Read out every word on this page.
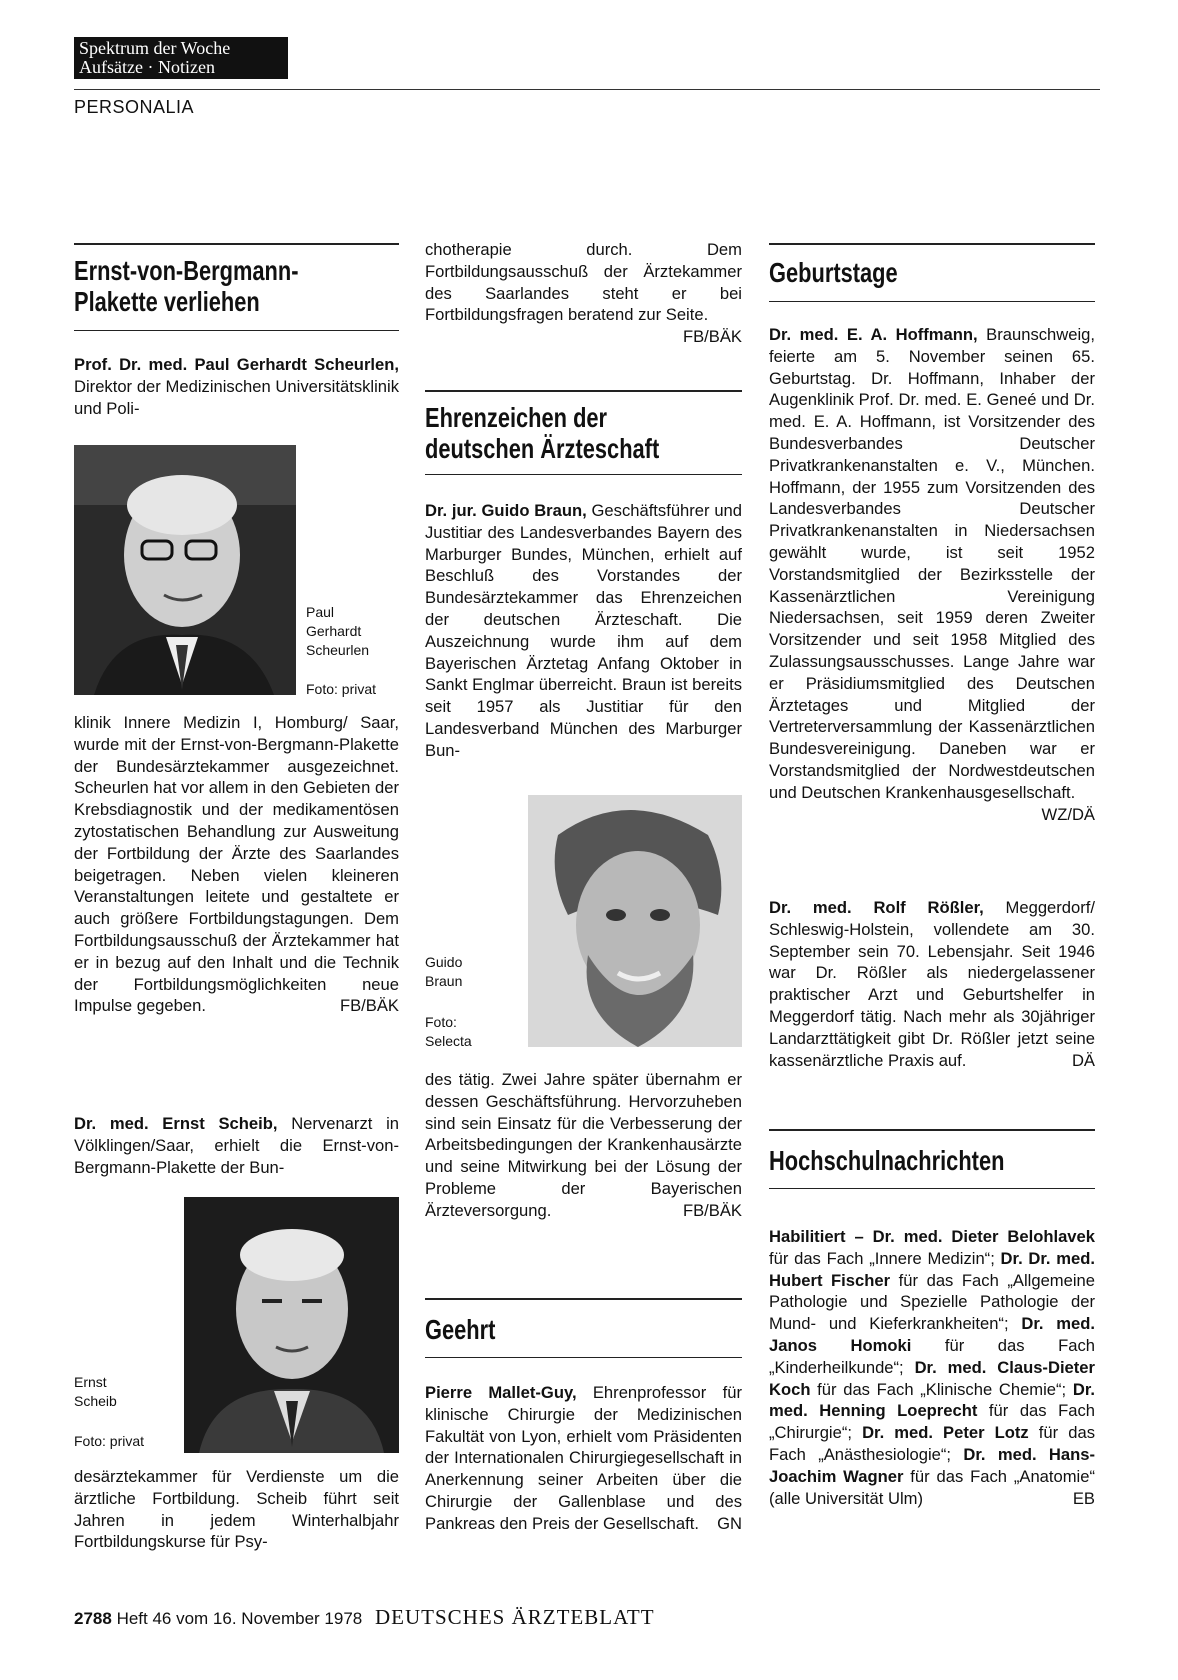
Spektrum der Woche
Aufsätze · Notizen
PERSONALIA
Ernst-von-Bergmann-
Plakette verliehen

Prof. Dr. med. Paul Gerhardt Scheurlen, Direktor der Medizinischen Universitätsklinik und Poli-

Paul
Gerhardt
Scheurlen
Foto: privat

klinik Innere Medizin I, Homburg/ Saar, wurde mit der Ernst-von-Bergmann-Plakette der Bundesärztekammer ausgezeichnet. Scheurlen hat vor allem in den Gebieten der Krebsdiagnostik und der medikamentösen zytostatischen Behandlung zur Ausweitung der Fortbildung der Ärzte des Saarlandes beigetragen. Neben vielen kleineren Veranstaltungen leitete und gestaltete er auch größere Fortbildungstagungen. Dem Fortbildungsausschuß der Ärztekammer hat er in bezug auf den Inhalt und die Technik der Fortbildungsmöglichkeiten neue Impulse gegeben.	FB/BÄK

Dr. med. Ernst Scheib, Nervenarzt in Völklingen/Saar, erhielt die Ernst-von-Bergmann-Plakette der Bun-

Ernst
Scheib
Foto: privat

desärztekammer für Verdienste um die ärztliche Fortbildung. Scheib führt seit Jahren in jedem Winterhalbjahr Fortbildungskurse für Psy-

chotherapie durch. Dem Fortbildungsausschuß der Ärztekammer des Saarlandes steht er bei Fortbildungsfragen beratend zur Seite.
FB/BÄK

Ehrenzeichen der
deutschen Ärzteschaft

Dr. jur. Guido Braun, Geschäftsführer und Justitiar des Landesverbandes Bayern des Marburger Bundes, München, erhielt auf Beschluß des Vorstandes der Bundesärztekammer das Ehrenzeichen der deutschen Ärzteschaft. Die Auszeichnung wurde ihm auf dem Bayerischen Ärztetag Anfang Oktober in Sankt Englmar überreicht. Braun ist bereits seit 1957 als Justitiar für den Landesverband München des Marburger Bun-

Guido
Braun
Foto:
Selecta

des tätig. Zwei Jahre später übernahm er dessen Geschäftsführung. Hervorzuheben sind sein Einsatz für die Verbesserung der Arbeitsbedingungen der Krankenhausärzte und seine Mitwirkung bei der Lösung der Probleme der Bayerischen Ärzteversorgung.	FB/BÄK

Geehrt

Pierre Mallet-Guy, Ehrenprofessor für klinische Chirurgie der Medizinischen Fakultät von Lyon, erhielt vom Präsidenten der Internationalen Chirurgiegesellschaft in Anerkennung seiner Arbeiten über die Chirurgie der Gallenblase und des Pankreas den Preis der Gesellschaft. GN

Geburtstage

Dr. med. E. A. Hoffmann, Braunschweig, feierte am 5. November seinen 65. Geburtstag. Dr. Hoffmann, Inhaber der Augenklinik Prof. Dr. med. E. Geneé und Dr. med. E. A. Hoffmann, ist Vorsitzender des Bundesverbandes Deutscher Privatkrankenanstalten e. V., München. Hoffmann, der 1955 zum Vorsitzenden des Landesverbandes Deutscher Privatkrankenanstalten in Niedersachsen gewählt wurde, ist seit 1952 Vorstandsmitglied der Bezirksstelle der Kassenärztlichen Vereinigung Niedersachsen, seit 1959 deren Zweiter Vorsitzender und seit 1958 Mitglied des Zulassungsausschusses. Lange Jahre war er Präsidiumsmitglied des Deutschen Ärztetages und Mitglied der Vertreterversammlung der Kassenärztlichen Bundesvereinigung. Daneben war er Vorstandsmitglied der Nordwestdeutschen und Deutschen Krankenhausgesellschaft.
WZ/DÄ

Dr. med. Rolf Rößler, Meggerdorf/ Schleswig-Holstein, vollendete am 30. September sein 70. Lebensjahr. Seit 1946 war Dr. Rößler als niedergelassener praktischer Arzt und Geburtshelfer in Meggerdorf tätig. Nach mehr als 30jähriger Landarzttätigkeit gibt Dr. Rößler jetzt seine kassenärztliche Praxis auf.	DÄ

Hochschulnachrichten

Habilitiert – Dr. med. Dieter Belohlavek für das Fach „Innere Medizin“; Dr. Dr. med. Hubert Fischer für das Fach „Allgemeine Pathologie und Spezielle Pathologie der Mund- und Kieferkrankheiten“; Dr. med. Janos Homoki für das Fach „Kinderheilkunde“; Dr. med. Claus-Dieter Koch für das Fach „Klinische Chemie“; Dr. med. Henning Loeprecht für das Fach „Chirurgie“; Dr. med. Peter Lotz für das Fach „Anästhesiologie“; Dr. med. Hans-Joachim Wagner für das Fach „Anatomie“ (alle Universität Ulm)	EB

2788 Heft 46 vom 16. November 1978 DEUTSCHES ÄRZTEBLATT
